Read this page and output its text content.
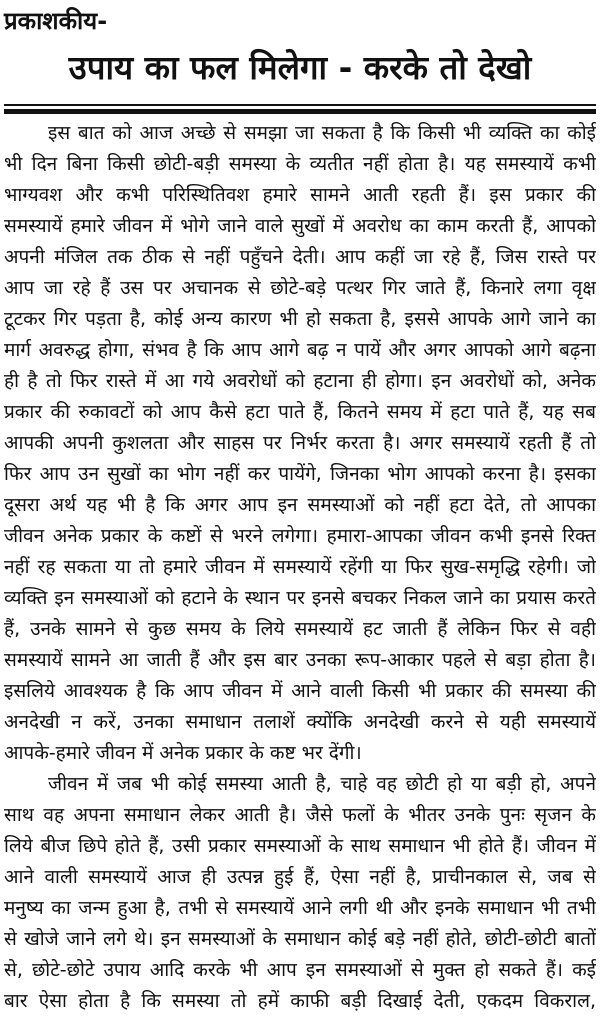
प्रकाशकीय-
उपाय का फल मिलेगा - करके तो देखो
इस बात को आज अच्छे से समझा जा सकता है कि किसी भी व्यक्ति का कोई
भी दिन बिना किसी छोटी-बड़ी समस्या के व्यतीत नहीं होता है। यह समस्यायें कभी
भाग्यवश और कभी परिस्थितिवश हमारे सामने आती रहती हैं। इस प्रकार की
समस्यायें हमारे जीवन में भोगे जाने वाले सुखों में अवरोध का काम करती हैं, आपको
अपनी मंजिल तक ठीक से नहीं पहुँचने देती। आप कहीं जा रहे हैं, जिस रास्ते पर
आप जा रहे हैं उस पर अचानक से छोटे-बड़े पत्थर गिर जाते हैं, किनारे लगा वृक्ष
टूटकर गिर पड़ता है, कोई अन्य कारण भी हो सकता है, इससे आपके आगे जाने का
मार्ग अवरुद्ध होगा, संभव है कि आप आगे बढ़ न पायें और अगर आपको आगे बढ़ना
ही है तो फिर रास्ते में आ गये अवरोधों को हटाना ही होगा। इन अवरोधों को, अनेक
प्रकार की रुकावटों को आप कैसे हटा पाते हैं, कितने समय में हटा पाते हैं, यह सब
आपकी अपनी कुशलता और साहस पर निर्भर करता है। अगर समस्यायें रहती हैं तो
फिर आप उन सुखों का भोग नहीं कर पायेंगे, जिनका भोग आपको करना है। इसका
दूसरा अर्थ यह भी है कि अगर आप इन समस्याओं को नहीं हटा देते, तो आपका
जीवन अनेक प्रकार के कष्टों से भरने लगेगा। हमारा-आपका जीवन कभी इनसे रिक्त
नहीं रह सकता या तो हमारे जीवन में समस्यायें रहेंगी या फिर सुख-समृद्धि रहेगी। जो
व्यक्ति इन समस्याओं को हटाने के स्थान पर इनसे बचकर निकल जाने का प्रयास करते
हैं, उनके सामने से कुछ समय के लिये समस्यायें हट जाती हैं लेकिन फिर से वही
समस्यायें सामने आ जाती हैं और इस बार उनका रूप-आकार पहले से बड़ा होता है।
इसलिये आवश्यक है कि आप जीवन में आने वाली किसी भी प्रकार की समस्या की
अनदेखी न करें, उनका समाधान तलाशें क्योंकि अनदेखी करने से यही समस्यायें
आपके-हमारे जीवन में अनेक प्रकार के कष्ट भर देंगी।
जीवन में जब भी कोई समस्या आती है, चाहे वह छोटी हो या बड़ी हो, अपने
साथ वह अपना समाधान लेकर आती है। जैसे फलों के भीतर उनके पुनः सृजन के
लिये बीज छिपे होते हैं, उसी प्रकार समस्याओं के साथ समाधान भी होते हैं। जीवन में
आने वाली समस्यायें आज ही उत्पन्न हुई हैं, ऐसा नहीं है, प्राचीनकाल से, जब से
मनुष्य का जन्म हुआ है, तभी से समस्यायें आने लगी थी और इनके समाधान भी तभी
से खोजे जाने लगे थे। इन समस्याओं के समाधान कोई बड़े नहीं होते, छोटी-छोटी बातों
से, छोटे-छोटे उपाय आदि करके भी आप इन समस्याओं से मुक्त हो सकते हैं। कई
बार ऐसा होता है कि समस्या तो हमें काफी बड़ी दिखाई देती, एकदम विकराल,
